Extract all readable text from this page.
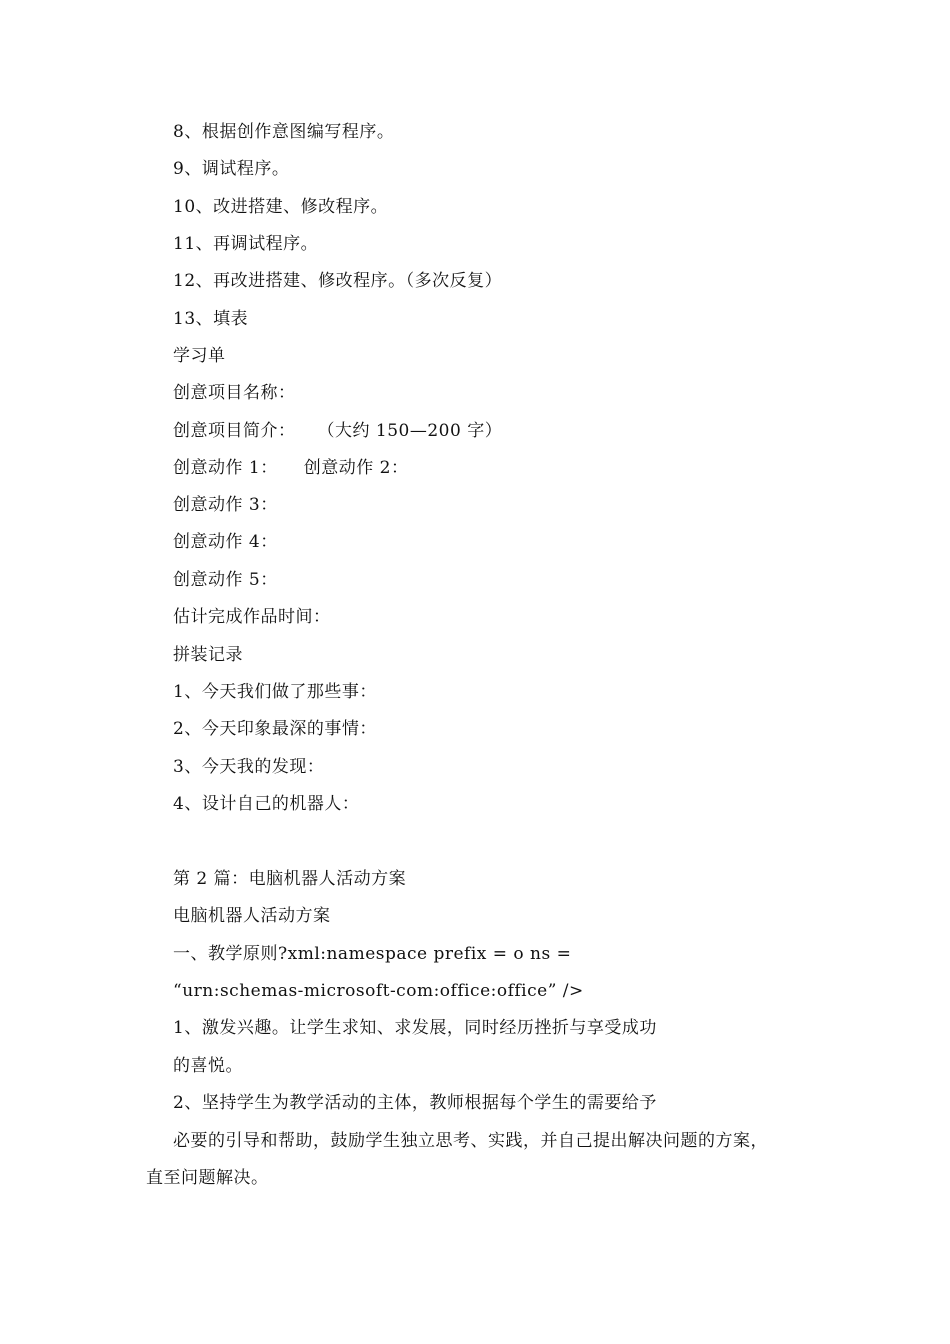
8、根据创作意图编写程序。
9、调试程序。
10、改进搭建、修改程序。
11、再调试程序。
12、再改进搭建、修改程序。（多次反复）
13、填表
学习单
创意项目名称：
创意项目简介： （大约 150—200 字）
创意动作 1： 创意动作 2：
创意动作 3：
创意动作 4：
创意动作 5：
估计完成作品时间：
拼装记录
1、今天我们做了那些事：
2、今天印象最深的事情：
3、今天我的发现：
4、设计自己的机器人：
第 2 篇：电脑机器人活动方案
电脑机器人活动方案
一、教学原则?xml:namespace prefix = o ns =
“urn:schemas-microsoft-com:office:office” />
1、激发兴趣。让学生求知、求发展，同时经历挫折与享受成功
的喜悦。
2、坚持学生为教学活动的主体，教师根据每个学生的需要给予
必要的引导和帮助，鼓励学生独立思考、实践，并自己提出解决问题的方案，
直至问题解决。
